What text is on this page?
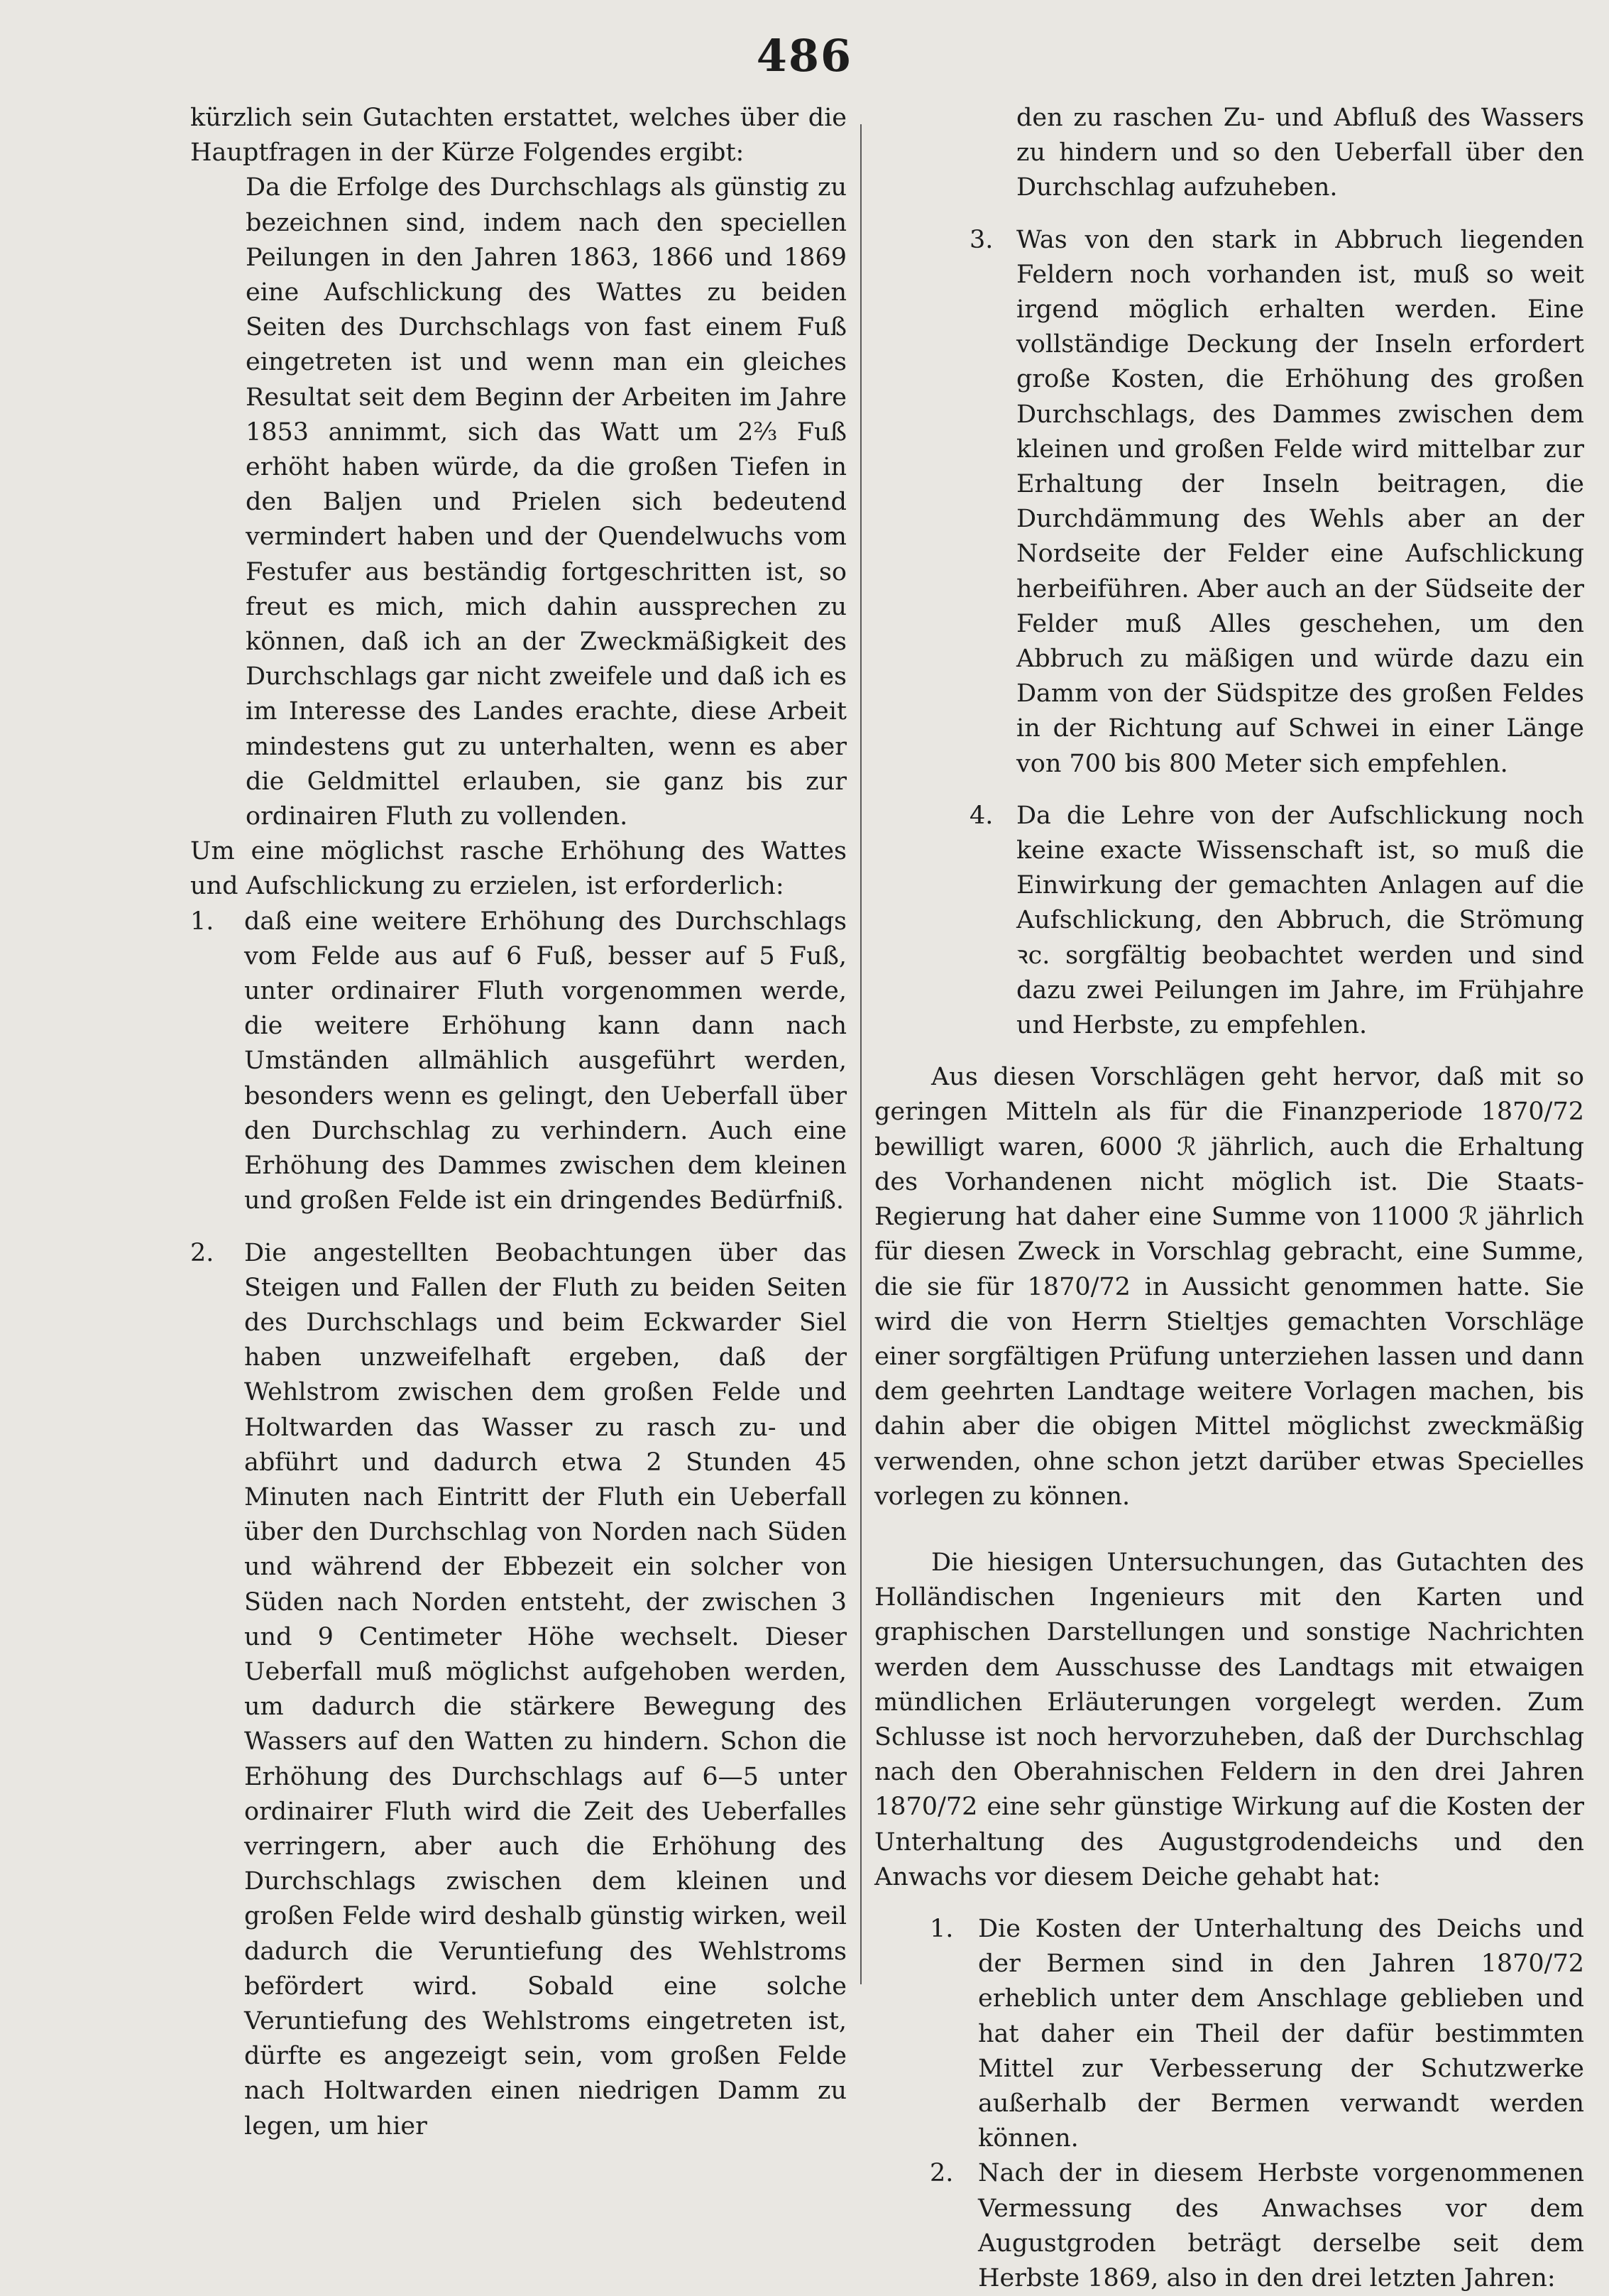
486

kürzlich sein Gutachten erstattet, welches über die Hauptfragen in der Kürze Folgendes ergibt:

Da die Erfolge des Durchschlags als günstig zu bezeichnen sind, indem nach den speciellen Peilungen in den Jahren 1863, 1866 und 1869 eine Aufschlickung des Wattes zu beiden Seiten des Durchschlags von fast einem Fuß eingetreten ist und wenn man ein gleiches Resultat seit dem Beginn der Arbeiten im Jahre 1853 annimmt, sich das Watt um 2⅔ Fuß erhöht haben würde, da die großen Tiefen in den Baljen und Prielen sich bedeutend vermindert haben und der Quendelwuchs vom Festufer aus beständig fortgeschritten ist, so freut es mich, mich dahin aussprechen zu können, daß ich an der Zweckmäßigkeit des Durchschlags gar nicht zweifele und daß ich es im Interesse des Landes erachte, diese Arbeit mindestens gut zu unterhalten, wenn es aber die Geldmittel erlauben, sie ganz bis zur ordinairen Fluth zu vollenden.

Um eine möglichst rasche Erhöhung des Wattes und Aufschlickung zu erzielen, ist erforderlich:

1.	daß eine weitere Erhöhung des Durchschlags vom Felde aus auf 6 Fuß, besser auf 5 Fuß, unter ordinairer Fluth vorgenommen werde, die weitere Erhöhung kann dann nach Umständen allmählich ausgeführt werden, besonders wenn es gelingt, den Ueberfall über den Durchschlag zu verhindern. Auch eine Erhöhung des Dammes zwischen dem kleinen und großen Felde ist ein dringendes Bedürfniß.
2.	Die angestellten Beobachtungen über das Steigen und Fallen der Fluth zu beiden Seiten des Durchschlags und beim Eckwarder Siel haben unzweifelhaft ergeben, daß der Wehlstrom zwischen dem großen Felde und Holtwarden das Wasser zu rasch zu- und abführt und dadurch etwa 2 Stunden 45 Minuten nach Eintritt der Fluth ein Ueberfall über den Durchschlag von Norden nach Süden und während der Ebbezeit ein solcher von Süden nach Norden entsteht, der zwischen 3 und 9 Centimeter Höhe wechselt. Dieser Ueberfall muß möglichst aufgehoben werden, um dadurch die stärkere Bewegung des Wassers auf den Watten zu hindern. Schon die Erhöhung des Durchschlags auf 6—5 unter ordinairer Fluth wird die Zeit des Ueberfalles verringern, aber auch die Erhöhung des Durchschlags zwischen dem kleinen und großen Felde wird deshalb günstig wirken, weil dadurch die Veruntiefung des Wehlstroms befördert wird. Sobald eine solche Veruntiefung des Wehlstroms eingetreten ist, dürfte es angezeigt sein, vom großen Felde nach Holtwarden einen niedrigen Damm zu legen, um hier

den zu raschen Zu- und Abfluß des Wassers zu hindern und so den Ueberfall über den Durchschlag aufzuheben.

3. Was von den stark in Abbruch liegenden Feldern noch vorhanden ist, muß so weit irgend möglich erhalten werden. Eine vollständige Deckung der Inseln erfordert große Kosten, die Erhöhung des großen Durchschlags, des Dammes zwischen dem kleinen und großen Felde wird mittelbar zur Erhaltung der Inseln beitragen, die Durchdämmung des Wehls aber an der Nordseite der Felder eine Aufschlickung herbeiführen. Aber auch an der Südseite der Felder muß Alles geschehen, um den Abbruch zu mäßigen und würde dazu ein Damm von der Südspitze des großen Feldes in der Richtung auf Schwei in einer Länge von 700 bis 800 Meter sich empfehlen.
4. Da die Lehre von der Aufschlickung noch keine exacte Wissenschaft ist, so muß die Einwirkung der gemachten Anlagen auf die Aufschlickung, den Abbruch, die Strömung ꝛc. sorgfältig beobachtet werden und sind dazu zwei Peilungen im Jahre, im Frühjahre und Herbste, zu empfehlen.

Aus diesen Vorschlägen geht hervor, daß mit so geringen Mitteln als für die Finanzperiode 1870/72 bewilligt waren, 6000 ℛ jährlich, auch die Erhaltung des Vorhandenen nicht möglich ist. Die Staats-Regierung hat daher eine Summe von 11000 ℛ jährlich für diesen Zweck in Vorschlag gebracht, eine Summe, die sie für 1870/72 in Aussicht genommen hatte. Sie wird die von Herrn Stieltjes gemachten Vorschläge einer sorgfältigen Prüfung unterziehen lassen und dann dem geehrten Landtage weitere Vorlagen machen, bis dahin aber die obigen Mittel möglichst zweckmäßig verwenden, ohne schon jetzt darüber etwas Specielles vorlegen zu können.

Die hiesigen Untersuchungen, das Gutachten des Holländischen Ingenieurs mit den Karten und graphischen Darstellungen und sonstige Nachrichten werden dem Ausschusse des Landtags mit etwaigen mündlichen Erläuterungen vorgelegt werden. Zum Schlusse ist noch hervorzuheben, daß der Durchschlag nach den Oberahnischen Feldern in den drei Jahren 1870/72 eine sehr günstige Wirkung auf die Kosten der Unterhaltung des Augustgrodendeichs und den Anwachs vor diesem Deiche gehabt hat:

1. Die Kosten der Unterhaltung des Deichs und der Bermen sind in den Jahren 1870/72 erheblich unter dem Anschlage geblieben und hat daher ein Theil der dafür bestimmten Mittel zur Verbesserung der Schutzwerke außerhalb der Bermen verwandt werden können.
2. Nach der in diesem Herbste vorgenommenen Vermessung des Anwachses vor dem Augustgroden beträgt derselbe seit dem Herbste 1869, also in den drei letzten Jahren:
